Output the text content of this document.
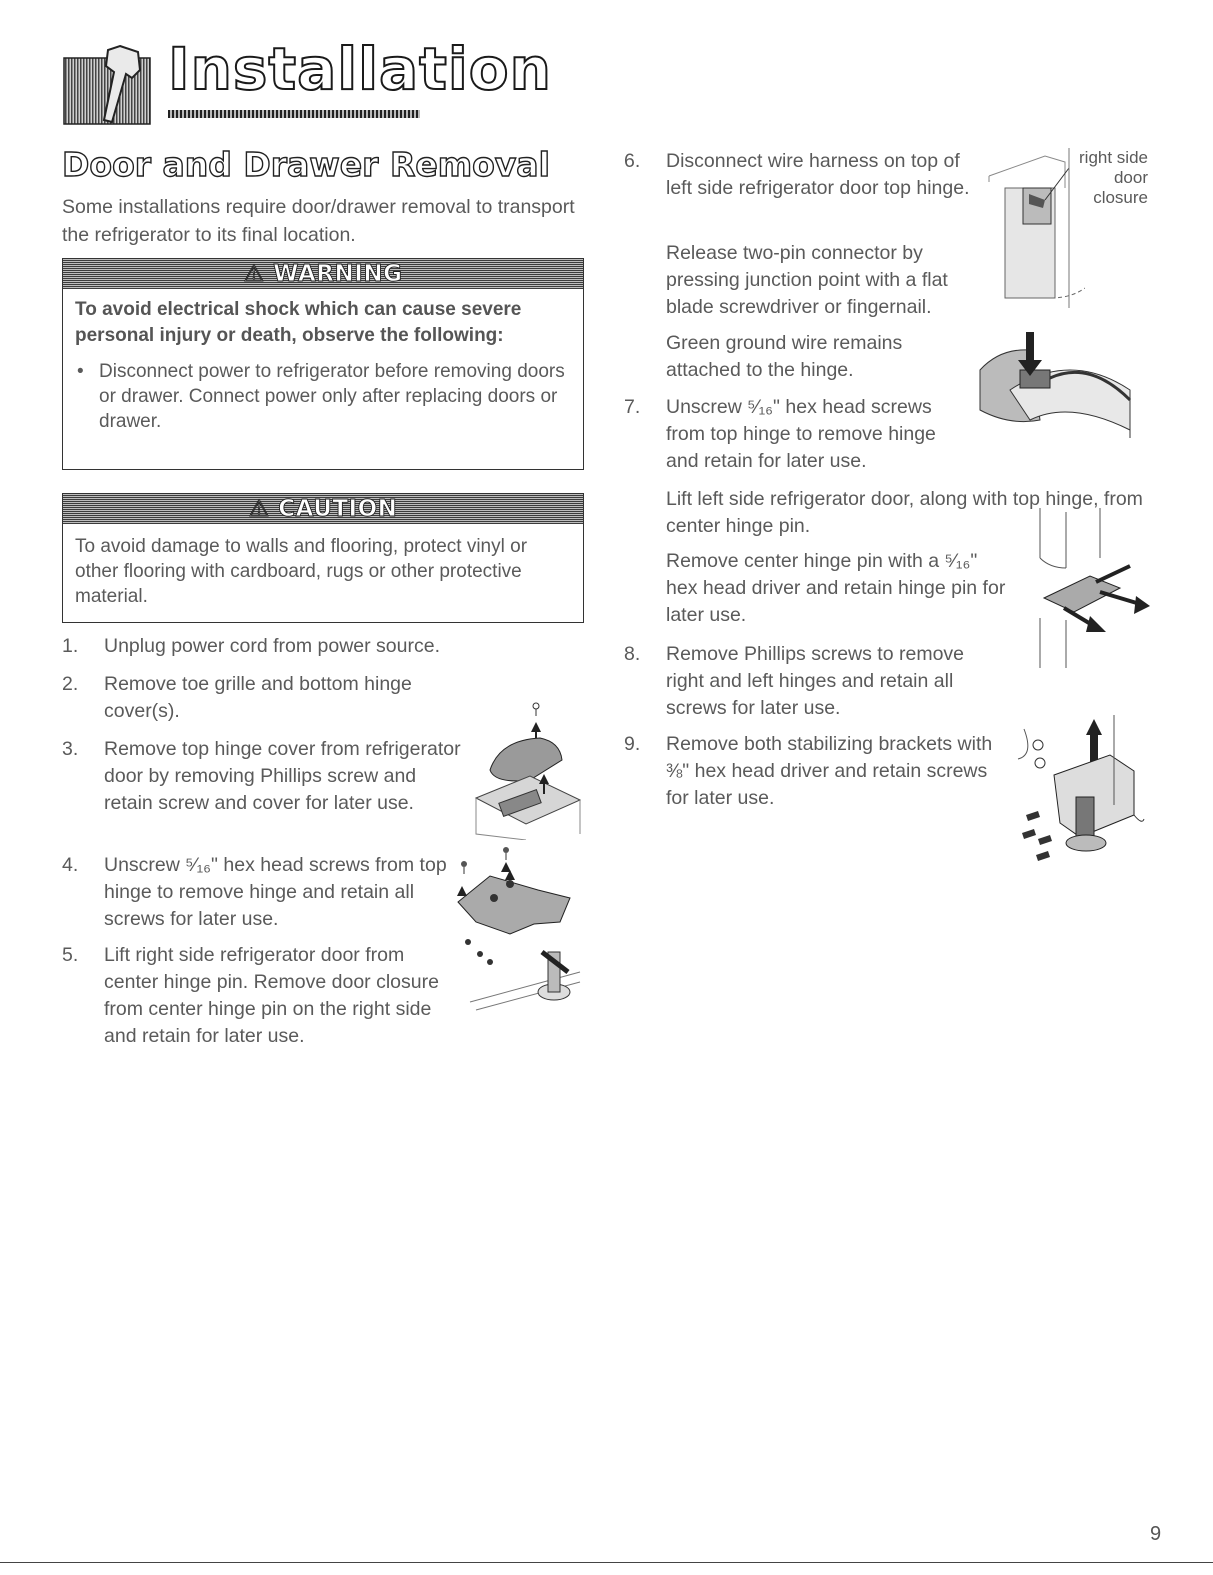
Installation
Door and Drawer Removal
Some installations require door/drawer removal to transport the refrigerator to its final location.
⚠ WARNING
To avoid electrical shock which can cause severe personal injury or death, observe the following:
• Disconnect power to refrigerator before removing doors or drawer. Connect power only after replacing doors or drawer.
⚠ CAUTION
To avoid damage to walls and flooring, protect vinyl or other flooring with cardboard, rugs or other protective material.
1.	Unplug power cord from power source.
2.	Remove toe grille and bottom hinge cover(s).
3.	Remove top hinge cover from refrigerator door by removing Phillips screw and retain screw and cover for later use.
4.	Unscrew ⁵⁄₁₆" hex head screws from top hinge to remove hinge and retain all screws for later use.
5.	Lift right side refrigerator door from center hinge pin. Remove door closure from center hinge pin on the right side and retain for later use.
6.	Disconnect wire harness on top of left side refrigerator door top hinge.
Release two-pin connector by pressing junction point with a flat blade screwdriver or fingernail.
Green ground wire remains attached to the hinge.
7.	Unscrew ⁵⁄₁₆" hex head screws from top hinge to remove hinge and retain for later use.
Lift left side refrigerator door, along with top hinge, from center hinge pin.
Remove center hinge pin with a ⁵⁄₁₆" hex head driver and retain hinge pin for later use.
8.	Remove Phillips screws to remove right and left hinges and retain all screws for later use.
9.	Remove both stabilizing brackets with ⅜" hex head driver and retain screws for later use.
right side door closure
9
